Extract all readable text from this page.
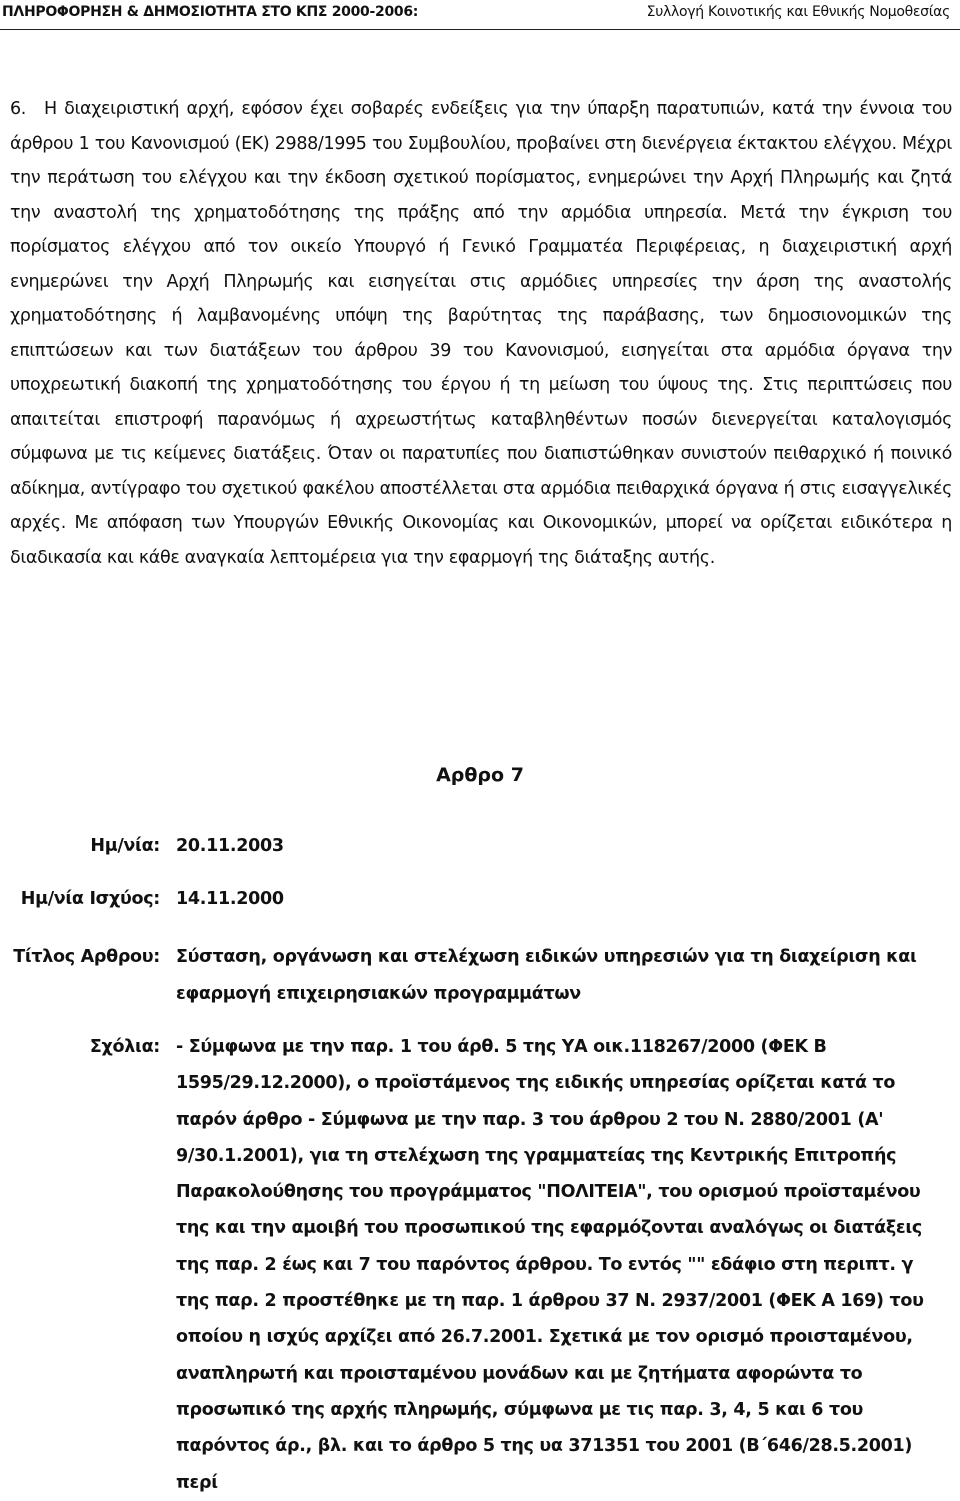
ΠΛΗΡΟΦΟΡΗΣΗ & ΔΗΜΟΣΙΟΤΗΤΑ ΣΤΟ ΚΠΣ 2000-2006:	Συλλογή Κοινοτικής και Εθνικής Νομοθεσίας
6.	Η διαχειριστική αρχή, εφόσον έχει σοβαρές ενδείξεις για την ύπαρξη παρατυπιών, κατά την έννοια του άρθρου 1 του Κανονισμού (ΕΚ) 2988/1995 του Συμβουλίου, προβαίνει στη διενέργεια έκτακτου ελέγχου. Μέχρι την περάτωση του ελέγχου και την έκδοση σχετικού πορίσματος, ενημερώνει την Αρχή Πληρωμής και ζητά την αναστολή της χρηματοδότησης της πράξης από την αρμόδια υπηρεσία. Μετά την έγκριση του πορίσματος ελέγχου από τον οικείο Υπουργό ή Γενικό Γραμματέα Περιφέρειας, η διαχειριστική αρχή ενημερώνει την Αρχή Πληρωμής και εισηγείται στις αρμόδιες υπηρεσίες την άρση της αναστολής χρηματοδότησης ή λαμβανομένης υπόψη της βαρύτητας της παράβασης, των δημοσιονομικών της επιπτώσεων και των διατάξεων του άρθρου 39 του Κανονισμού, εισηγείται στα αρμόδια όργανα την υποχρεωτική διακοπή της χρηματοδότησης του έργου ή τη μείωση του ύψους της. Στις περιπτώσεις που απαιτείται επιστροφή παρανόμως ή αχρεωστήτως καταβληθέντων ποσών διενεργείται καταλογισμός σύμφωνα με τις κείμενες διατάξεις. Όταν οι παρατυπίες που διαπιστώθηκαν συνιστούν πειθαρχικό ή ποινικό αδίκημα, αντίγραφο του σχετικού φακέλου αποστέλλεται στα αρμόδια πειθαρχικά όργανα ή στις εισαγγελικές αρχές. Με απόφαση των Υπουργών Εθνικής Οικονομίας και Οικονομικών, μπορεί να ορίζεται ειδικότερα η διαδικασία και κάθε αναγκαία λεπτομέρεια για την εφαρμογή της διάταξης αυτής.
Αρθρο 7
Ημ/νία: 20.11.2003
Ημ/νία Ισχύος: 14.11.2000
Τίτλος Αρθρου: Σύσταση, οργάνωση και στελέχωση ειδικών υπηρεσιών για τη διαχείριση και εφαρμογή επιχειρησιακών προγραμμάτων
Σχόλια: - Σύμφωνα με την παρ. 1 του άρθ. 5 της ΥΑ οικ.118267/2000 (ΦΕΚ Β 1595/29.12.2000), ο προϊστάμενος της ειδικής υπηρεσίας ορίζεται κατά το παρόν άρθρο - Σύμφωνα με την παρ. 3 του άρθρου 2 του Ν. 2880/2001 (Α' 9/30.1.2001), για τη στελέχωση της γραμματείας της Κεντρικής Επιτροπής Παρακολούθησης του προγράμματος "ΠΟΛΙΤΕΙΑ", του ορισμού προϊσταμένου της και την αμοιβή του προσωπικού της εφαρμόζονται αναλόγως οι διατάξεις της παρ. 2 έως και 7 του παρόντος άρθρου. Το εντός "" εδάφιο στη περιπτ. γ της παρ. 2 προστέθηκε με τη παρ. 1 άρθρου 37 Ν. 2937/2001 (ΦΕΚ Α 169) του οποίου η ισχύς αρχίζει από 26.7.2001. Σχετικά με τον ορισμό προισταμένου, αναπληρωτή και προισταμένου μονάδων και με ζητήματα αφορώντα το προσωπικό της αρχής πληρωμής, σύμφωνα με τις παρ. 3, 4, 5 και 6 του παρόντος άρ., βλ. και το άρθρο 5 της υα 371351 του 2001 (Β΄646/28.5.2001) περί
